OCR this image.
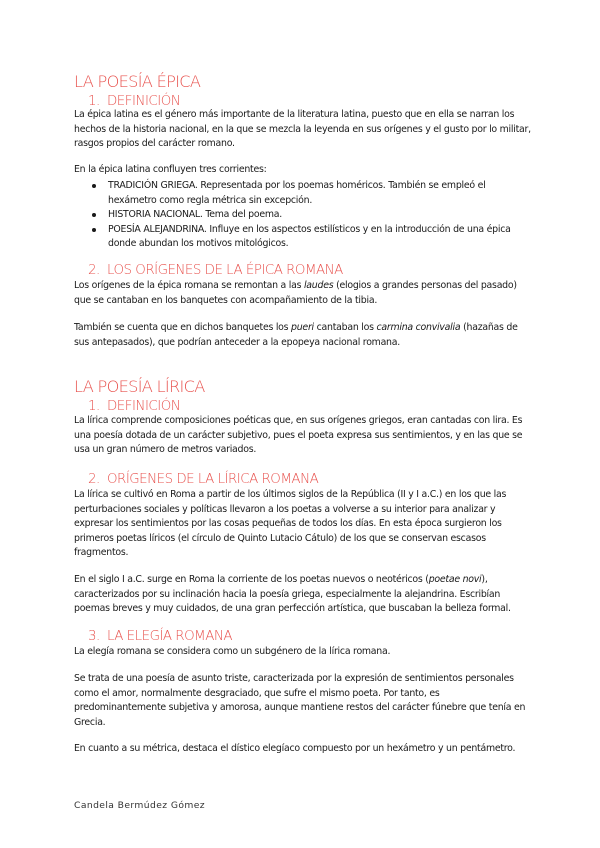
LA POESÍA ÉPICA
1. DEFINICIÓN

La épica latina es el género más importante de la literatura latina, puesto que en ella se narran los hechos de la historia nacional, en la que se mezcla la leyenda en sus orígenes y el gusto por lo militar, rasgos propios del carácter romano.

En la épica latina confluyen tres corrientes:

TRADICIÓN GRIEGA. Representada por los poemas homéricos. También se empleó el hexámetro como regla métrica sin excepción.
HISTORIA NACIONAL. Tema del poema.
POESÍA ALEJANDRINA. Influye en los aspectos estilísticos y en la introducción de una épica donde abundan los motivos mitológicos.
2. LOS ORÍGENES DE LA ÉPICA ROMANA

Los orígenes de la épica romana se remontan a las laudes (elogios a grandes personas del pasado) que se cantaban en los banquetes con acompañamiento de la tibia.

También se cuenta que en dichos banquetes los pueri cantaban los carmina convivalia (hazañas de sus antepasados), que podrían anteceder a la epopeya nacional romana.

LA POESÍA LÍRICA
1. DEFINICIÓN

La lírica comprende composiciones poéticas que, en sus orígenes griegos, eran cantadas con lira. Es una poesía dotada de un carácter subjetivo, pues el poeta expresa sus sentimientos, y en las que se usa un gran número de metros variados.

2. ORÍGENES DE LA LÍRICA ROMANA

La lírica se cultivó en Roma a partir de los últimos siglos de la República (II y I a.C.) en los que las perturbaciones sociales y políticas llevaron a los poetas a volverse a su interior para analizar y expresar los sentimientos por las cosas pequeñas de todos los días. En esta época surgieron los primeros poetas líricos (el círculo de Quinto Lutacio Cátulo) de los que se conservan escasos fragmentos.

En el siglo I a.C. surge en Roma la corriente de los poetas nuevos o neotéricos (poetae novi), caracterizados por su inclinación hacia la poesía griega, especialmente la alejandrina. Escribían poemas breves y muy cuidados, de una gran perfección artística, que buscaban la belleza formal.

3. LA ELEGÍA ROMANA

La elegía romana se considera como un subgénero de la lírica romana.

Se trata de una poesía de asunto triste, caracterizada por la expresión de sentimientos personales como el amor, normalmente desgraciado, que sufre el mismo poeta. Por tanto, es predominantemente subjetiva y amorosa, aunque mantiene restos del carácter fúnebre que tenía en Grecia.

En cuanto a su métrica, destaca el dístico elegíaco compuesto por un hexámetro y un pentámetro.

Candela Bermúdez Gómez
